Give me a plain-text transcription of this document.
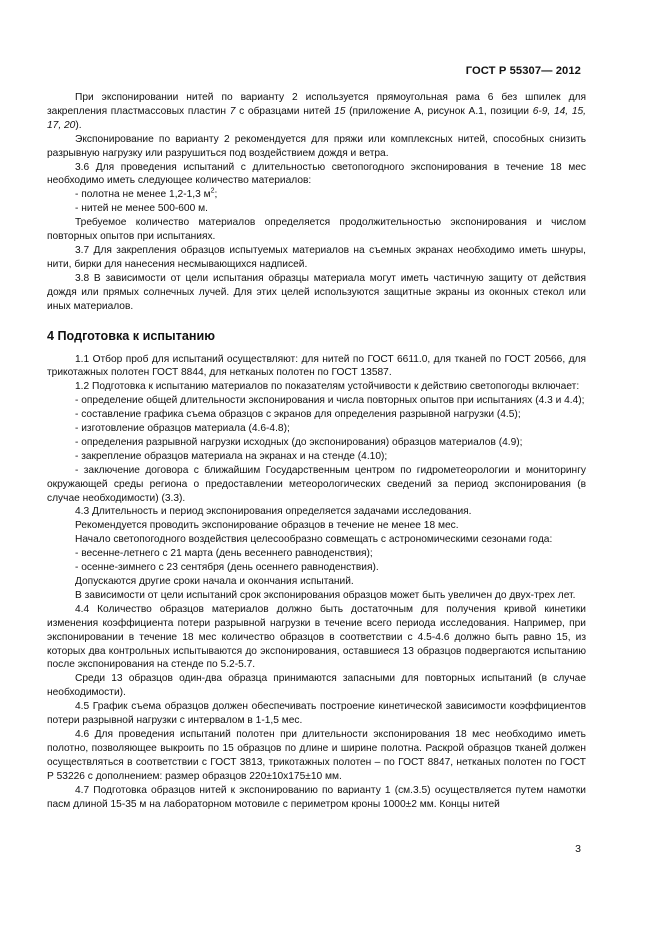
ГОСТ Р 55307— 2012

При экспонировании нитей по варианту 2 используется прямоугольная рама 6 без шпилек для закрепления пластмассовых пластин 7 с образцами нитей 15 (приложение А, рисунок А.1, позиции 6-9, 14, 15, 17, 20).

Экспонирование по варианту 2 рекомендуется для пряжи или комплексных нитей, способных снизить разрывную нагрузку или разрушиться под воздействием дождя и ветра.

3.6 Для проведения испытаний с длительностью светопогодного экспонирования в течение 18 мес необходимо иметь следующее количество материалов:

- полотна не менее 1,2-1,3 $м^2$;

- нитей не менее 500-600 м.

Требуемое количество материалов определяется продолжительностью экспонирования и числом повторных опытов при испытаниях.

3.7 Для закрепления образцов испытуемых материалов на съемных экранах необходимо иметь шнуры, нити, бирки для нанесения несмывающихся надписей.

3.8 В зависимости от цели испытания образцы материала могут иметь частичную защиту от действия дождя или прямых солнечных лучей. Для этих целей используются защитные экраны из оконных стекол или иных материалов.

4 Подготовка к испытанию

1.1 Отбор проб для испытаний осуществляют: для нитей по ГОСТ 6611.0, для тканей по ГОСТ 20566, для трикотажных полотен ГОСТ 8844, для нетканых полотен по ГОСТ 13587.

1.2 Подготовка к испытанию материалов по показателям устойчивости к действию светопогоды включает:

- определение общей длительности экспонирования и числа повторных опытов при испытаниях (4.3 и 4.4);

- составление графика съема образцов с экранов для определения разрывной нагрузки (4.5);

- изготовление образцов материала (4.6-4.8);

- определения разрывной нагрузки исходных (до экспонирования) образцов материалов (4.9);

- закрепление образцов материала на экранах и на стенде (4.10);

- заключение договора с ближайшим Государственным центром по гидрометеорологии и мониторингу окружающей среды региона о предоставлении метеорологических сведений за период экспонирования (в случае необходимости) (3.3).

4.3 Длительность и период экспонирования определяется задачами исследования.

Рекомендуется проводить экспонирование образцов в течение не менее 18 мес.

Начало светопогодного воздействия целесообразно совмещать с астрономическими сезонами года:

- весенне-летнего с 21 марта (день весеннего равноденствия);

- осенне-зимнего с 23 сентября (день осеннего равноденствия).

Допускаются другие сроки начала и окончания испытаний.

В зависимости от цели испытаний срок экспонирования образцов может быть увеличен до двух-трех лет.

4.4 Количество образцов материалов должно быть достаточным для получения кривой кинетики изменения коэффициента потери разрывной нагрузки в течение всего периода исследования. Например, при экспонировании в течение 18 мес количество образцов в соответствии с 4.5-4.6 должно быть равно 15, из которых два контрольных испытываются до экспонирования, оставшиеся 13 образцов подвергаются испытанию после экспонирования на стенде по 5.2-5.7.

Среди 13 образцов один-два образца принимаются запасными для повторных испытаний (в случае необходимости).

4.5 График съема образцов должен обеспечивать построение кинетической зависимости коэффициентов потери разрывной нагрузки с интервалом в 1-1,5 мес.

4.6 Для проведения испытаний полотен при длительности экспонирования 18 мес необходимо иметь полотно, позволяющее выкроить по 15 образцов по длине и ширине полотна. Раскрой образцов тканей должен осуществляться в соответствии с ГОСТ 3813, трикотажных полотен – по ГОСТ 8847, нетканых полотен по ГОСТ Р 53226 с дополнением: размер образцов 220±10х175±10 мм.

4.7 Подготовка образцов нитей к экспонированию по варианту 1 (см.3.5) осуществляется путем намотки пасм длиной 15-35 м на лабораторном мотовиле с периметром кроны 1000±2 мм. Концы нитей

3
